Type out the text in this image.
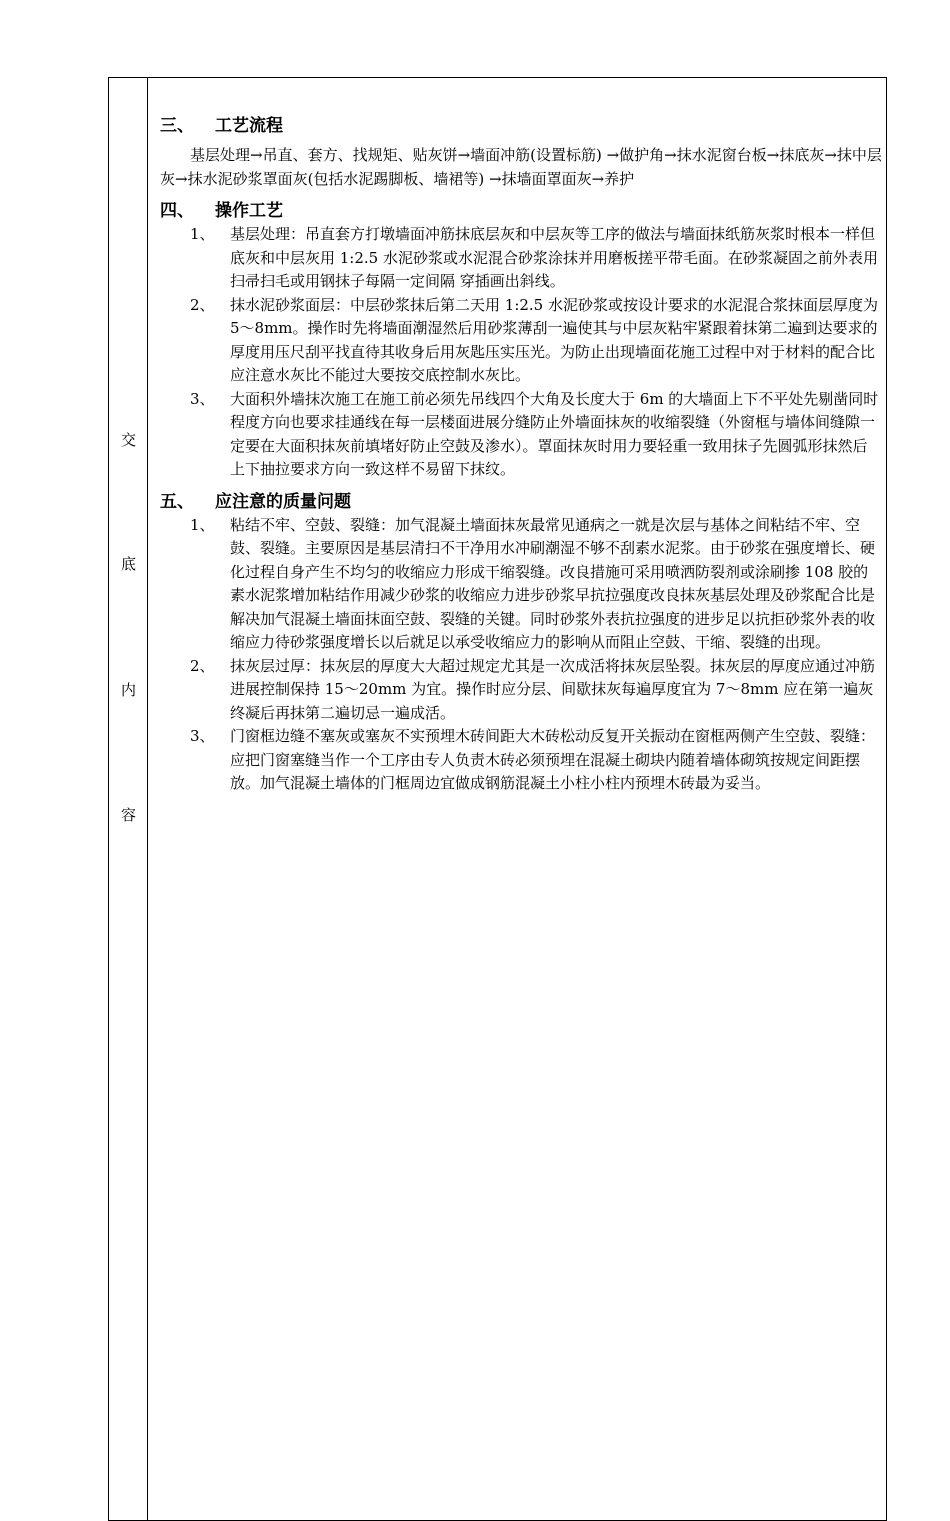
交
底
内
容
三、	工艺流程
基层处理→吊直、套方、找规矩、贴灰饼→墙面冲筋(设置标筋) →做护角→抹水泥窗台板→抹底灰→抹中层灰→抹水泥砂浆罩面灰(包括水泥踢脚板、墙裙等) →抹墙面罩面灰→养护
四、	操作工艺
1、	基层处理：吊直套方打墩墙面冲筋抹底层灰和中层灰等工序的做法与墙面抹纸筋灰浆时根本一样但底灰和中层灰用 1:2.5 水泥砂浆或水泥混合砂浆涂抹并用磨板搓平带毛面。在砂浆凝固之前外表用扫帚扫毛或用钢抹子每隔一定间隔 穿插画出斜线。
2、	抹水泥砂浆面层：中层砂浆抹后第二天用 1:2.5 水泥砂浆或按设计要求的水泥混合浆抹面层厚度为 5～8mm。操作时先将墙面潮湿然后用砂浆薄刮一遍使其与中层灰粘牢紧跟着抹第二遍到达要求的厚度用压尺刮平找直待其收身后用灰匙压实压光。为防止出现墙面花施工过程中对于材料的配合比应注意水灰比不能过大要按交底控制水灰比。
3、	大面积外墙抹次施工在施工前必须先吊线四个大角及长度大于 6m 的大墙面上下不平处先剔凿同时程度方向也要求挂通线在每一层楼面进展分缝防止外墙面抹灰的收缩裂缝（外窗框与墙体间缝隙一定要在大面积抹灰前填堵好防止空鼓及渗水）。罩面抹灰时用力要轻重一致用抹子先圆弧形抹然后上下抽拉要求方向一致这样不易留下抹纹。
五、	应注意的质量问题
1、	粘结不牢、空鼓、裂缝：加气混凝土墙面抹灰最常见通病之一就是次层与基体之间粘结不牢、空鼓、裂缝。主要原因是基层清扫不干净用水冲刷潮湿不够不刮素水泥浆。由于砂浆在强度增长、硬化过程自身产生不均匀的收缩应力形成干缩裂缝。改良措施可采用喷洒防裂剂或涂刷掺 108 胶的素水泥浆增加粘结作用减少砂浆的收缩应力进步砂浆早抗拉强度改良抹灰基层处理及砂浆配合比是解决加气混凝土墙面抹面空鼓、裂缝的关键。同时砂浆外表抗拉强度的进步足以抗拒砂浆外表的收缩应力待砂浆强度增长以后就足以承受收缩应力的影响从而阻止空鼓、干缩、裂缝的出现。
2、	抹灰层过厚：抹灰层的厚度大大超过规定尤其是一次成活将抹灰层坠裂。抹灰层的厚度应通过冲筋进展控制保持 15～20mm 为宜。操作时应分层、间歇抹灰每遍厚度宜为 7～8mm 应在第一遍灰终凝后再抹第二遍切忌一遍成活。
3、	门窗框边缝不塞灰或塞灰不实预埋木砖间距大木砖松动反复开关振动在窗框两侧产生空鼓、裂缝：应把门窗塞缝当作一个工序由专人负责木砖必须预埋在混凝土砌块内随着墙体砌筑按规定间距摆放。加气混凝土墙体的门框周边宜做成钢筋混凝土小柱小柱内预埋木砖最为妥当。
